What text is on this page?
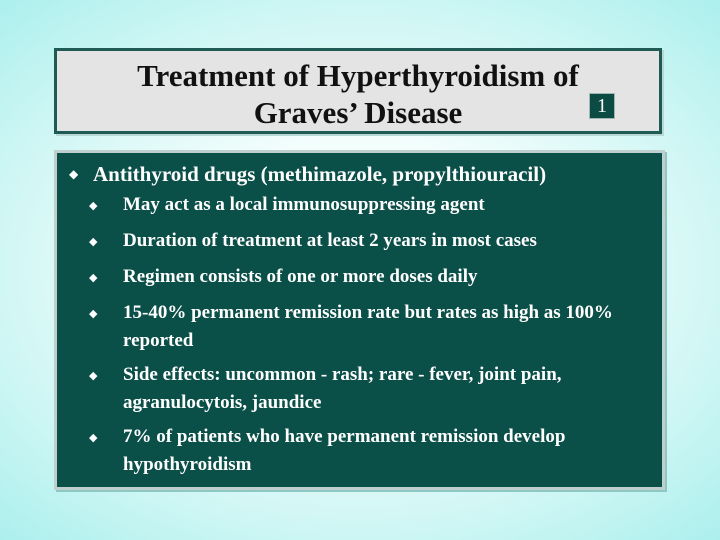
Treatment of Hyperthyroidism of
Graves’ Disease	1
◆ Antithyroid drugs (methimazole, propylthiouracil)
◆	May act as a local immunosuppressing agent
◆	Duration of treatment at least 2 years in most cases
◆	Regimen consists of one or more doses daily
◆	15-40% permanent remission rate but rates as high as 100% reported
◆	Side effects: uncommon - rash; rare - fever, joint pain, agranulocytois, jaundice
◆	7% of patients who have permanent remission develop hypothyroidism
